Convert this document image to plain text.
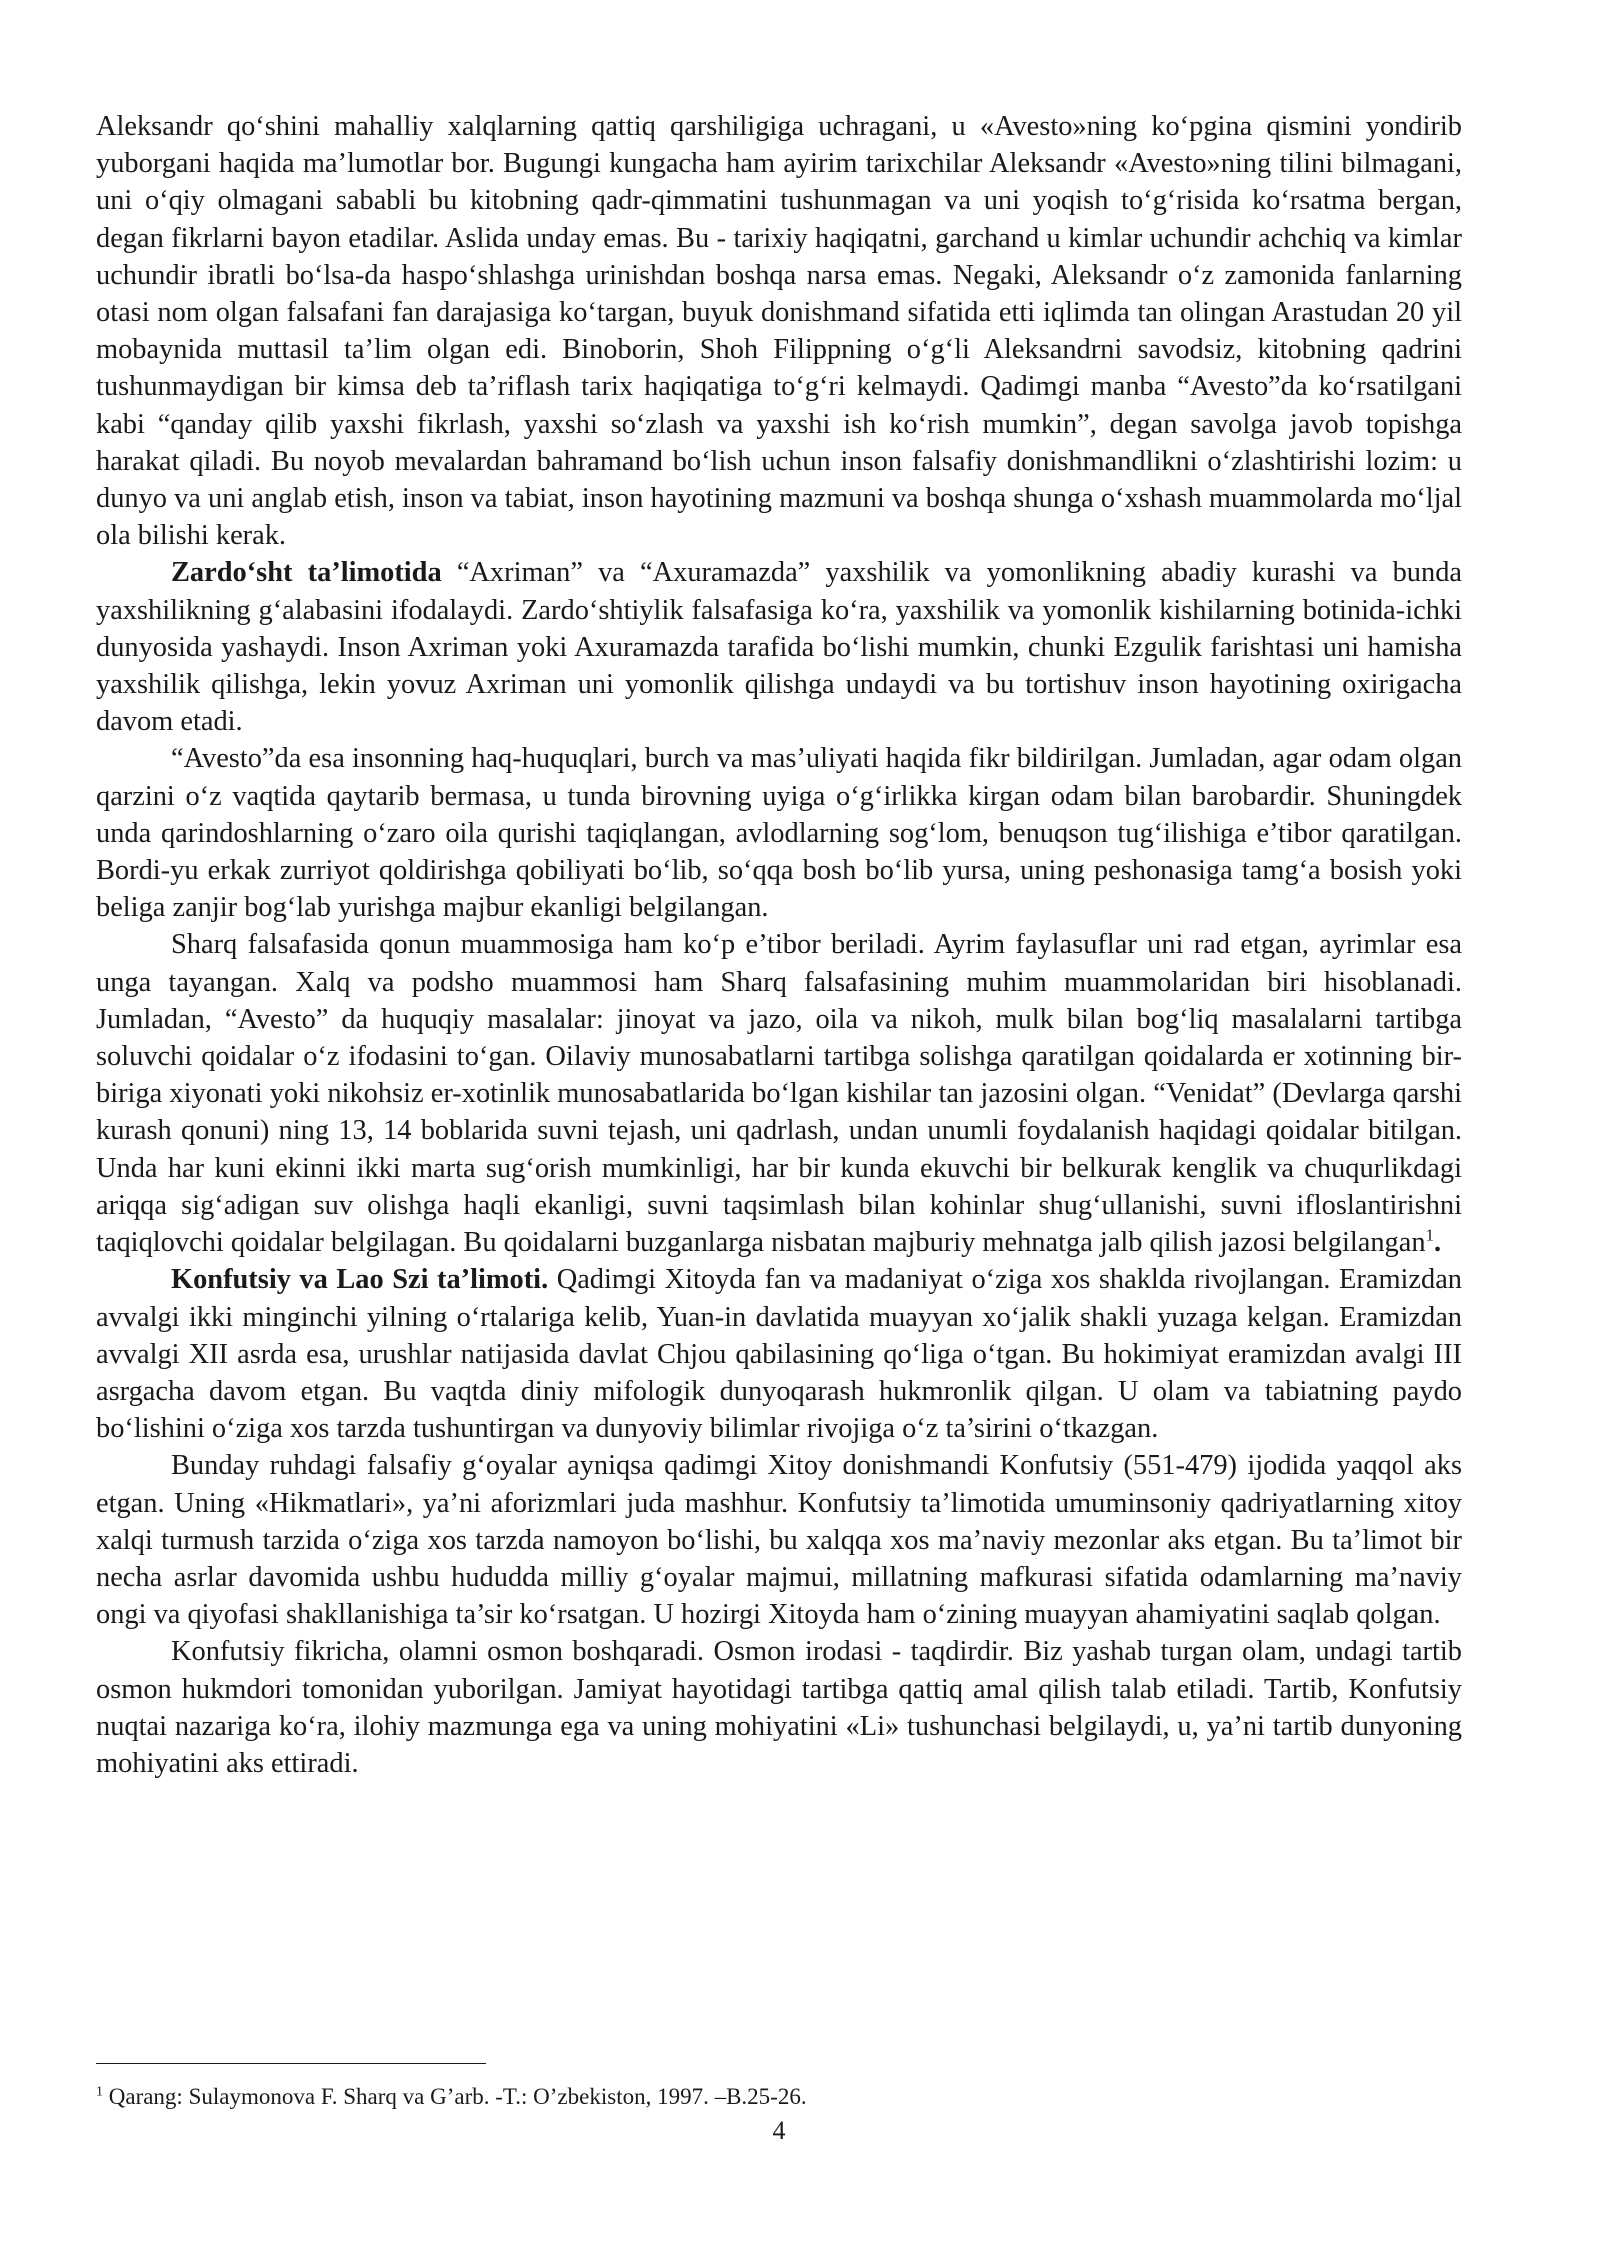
Aleksandr qo‘shini mahalliy xalqlarning qattiq qarshiligiga uchragani, u «Avesto»ning ko‘pgina qismini yondirib yuborgani haqida ma’lumotlar bor. Bugungi kungacha ham ayirim tarixchilar Aleksandr «Avesto»ning tilini bilmagani, uni o‘qiy olmagani sababli bu kitobning qadr-qimmatini tushunmagan va uni yoqish to‘g‘risida ko‘rsatma bergan, degan fikrlarni bayon etadilar. Aslida unday emas. Bu - tarixiy haqiqatni, garchand u kimlar uchundir achchiq va kimlar uchundir ibratli bo‘lsa-da haspo‘shlashga urinishdan boshqa narsa emas. Negaki, Aleksandr o‘z zamonida fanlarning otasi nom olgan falsafani fan darajasiga ko‘targan, buyuk donishmand sifatida etti iqlimda tan olingan Arastudan 20 yil mobaynida muttasil ta’lim olgan edi. Binoborin, Shoh Filippning o‘g‘li Aleksandrni savodsiz, kitobning qadrini tushunmaydigan bir kimsa deb ta’riflash tarix haqiqatiga to‘g‘ri kelmaydi. Qadimgi manba “Avesto”da ko‘rsatilgani kabi “qanday qilib yaxshi fikrlash, yaxshi so‘zlash va yaxshi ish ko‘rish mumkin”, degan savolga javob topishga harakat qiladi. Bu noyob mevalardan bahramand bo‘lish uchun inson falsafiy donishmandlikni o‘zlashtirishi lozim: u dunyo va uni anglab etish, inson va tabiat, inson hayotining mazmuni va boshqa shunga o‘xshash muammolarda mo‘ljal ola bilishi kerak.

Zardo‘sht ta’limotida “Axriman” va “Axuramazda” yaxshilik va yomonlikning abadiy kurashi va bunda yaxshilikning g‘alabasini ifodalaydi. Zardo‘shtiylik falsafasiga ko‘ra, yaxshilik va yomonlik kishilarning botinida-ichki dunyosida yashaydi. Inson Axriman yoki Axuramazda tarafida bo‘lishi mumkin, chunki Ezgulik farishtasi uni hamisha yaxshilik qilishga, lekin yovuz Axriman uni yomonlik qilishga undaydi va bu tortishuv inson hayotining oxirigacha davom etadi.

“Avesto”da esa insonning haq-huquqlari, burch va mas’uliyati haqida fikr bildirilgan. Jumladan, agar odam olgan qarzini o‘z vaqtida qaytarib bermasa, u tunda birovning uyiga o‘g‘irlikka kirgan odam bilan barobardir. Shuningdek unda qarindoshlarning o‘zaro oila qurishi taqiqlangan, avlodlarning sog‘lom, benuqson tug‘ilishiga e’tibor qaratilgan. Bordi-yu erkak zurriyot qoldirishga qobiliyati bo‘lib, so‘qqa bosh bo‘lib yursa, uning peshonasiga tamg‘a bosish yoki beliga zanjir bog‘lab yurishga majbur ekanligi belgilangan.

Sharq falsafasida qonun muammosiga ham ko‘p e’tibor beriladi. Ayrim faylasuflar uni rad etgan, ayrimlar esa unga tayangan. Xalq va podsho muammosi ham Sharq falsafasining muhim muammolaridan biri hisoblanadi. Jumladan, “Avesto” da huquqiy masalalar: jinoyat va jazo, oila va nikoh, mulk bilan bog‘liq masalalarni tartibga soluvchi qoidalar o‘z ifodasini to‘gan. Oilaviy munosabatlarni tartibga solishga qaratilgan qoidalarda er xotinning bir-biriga xiyonati yoki nikohsiz er-xotinlik munosabatlarida bo‘lgan kishilar tan jazosini olgan. “Venidat” (Devlarga qarshi kurash qonuni) ning 13, 14 boblarida suvni tejash, uni qadrlash, undan unumli foydalanish haqidagi qoidalar bitilgan. Unda har kuni ekinni ikki marta sug‘orish mumkinligi, har bir kunda ekuvchi bir belkurak kenglik va chuqurlikdagi ariqqa sig‘adigan suv olishga haqli ekanligi, suvni taqsimlash bilan kohinlar shug‘ullanishi, suvni ifloslantirishni taqiqlovchi qoidalar belgilagan. Bu qoidalarni buzganlarga nisbatan majburiy mehnatga jalb qilish jazosi belgilangan$^1$.

Konfutsiy va Lao Szi ta’limoti. Qadimgi Xitoyda fan va madaniyat o‘ziga xos shaklda rivojlangan. Eramizdan avvalgi ikki minginchi yilning o‘rtalariga kelib, Yuan-in davlatida muayyan xo‘jalik shakli yuzaga kelgan. Eramizdan avvalgi XII asrda esa, urushlar natijasida davlat Chjou qabilasining qo‘liga o‘tgan. Bu hokimiyat eramizdan avalgi III asrgacha davom etgan. Bu vaqtda diniy mifologik dunyoqarash hukmronlik qilgan. U olam va tabiatning paydo bo‘lishini o‘ziga xos tarzda tushuntirgan va dunyoviy bilimlar rivojiga o‘z ta’sirini o‘tkazgan.

Bunday ruhdagi falsafiy g‘oyalar ayniqsa qadimgi Xitoy donishmandi Konfutsiy (551-479) ijodida yaqqol aks etgan. Uning «Hikmatlari», ya’ni aforizmlari juda mashhur. Konfutsiy ta’limotida umuminsoniy qadriyatlarning xitoy xalqi turmush tarzida o‘ziga xos tarzda namoyon bo‘lishi, bu xalqqa xos ma’naviy mezonlar aks etgan. Bu ta’limot bir necha asrlar davomida ushbu hududda milliy g‘oyalar majmui, millatning mafkurasi sifatida odamlarning ma’naviy ongi va qiyofasi shakllanishiga ta’sir ko‘rsatgan. U hozirgi Xitoyda ham o‘zining muayyan ahamiyatini saqlab qolgan.

Konfutsiy fikricha, olamni osmon boshqaradi. Osmon irodasi - taqdirdir. Biz yashab turgan olam, undagi tartib osmon hukmdori tomonidan yuborilgan. Jamiyat hayotidagi tartibga qattiq amal qilish talab etiladi. Tartib, Konfutsiy nuqtai nazariga ko‘ra, ilohiy mazmunga ega va uning mohiyatini «Li» tushunchasi belgilaydi, u, ya’ni tartib dunyoning mohiyatini aks ettiradi.

$^1$ Qarang: Sulaymonova F. Sharq va G’arb. -T.: O’zbekiston, 1997. –B.25-26.
4
